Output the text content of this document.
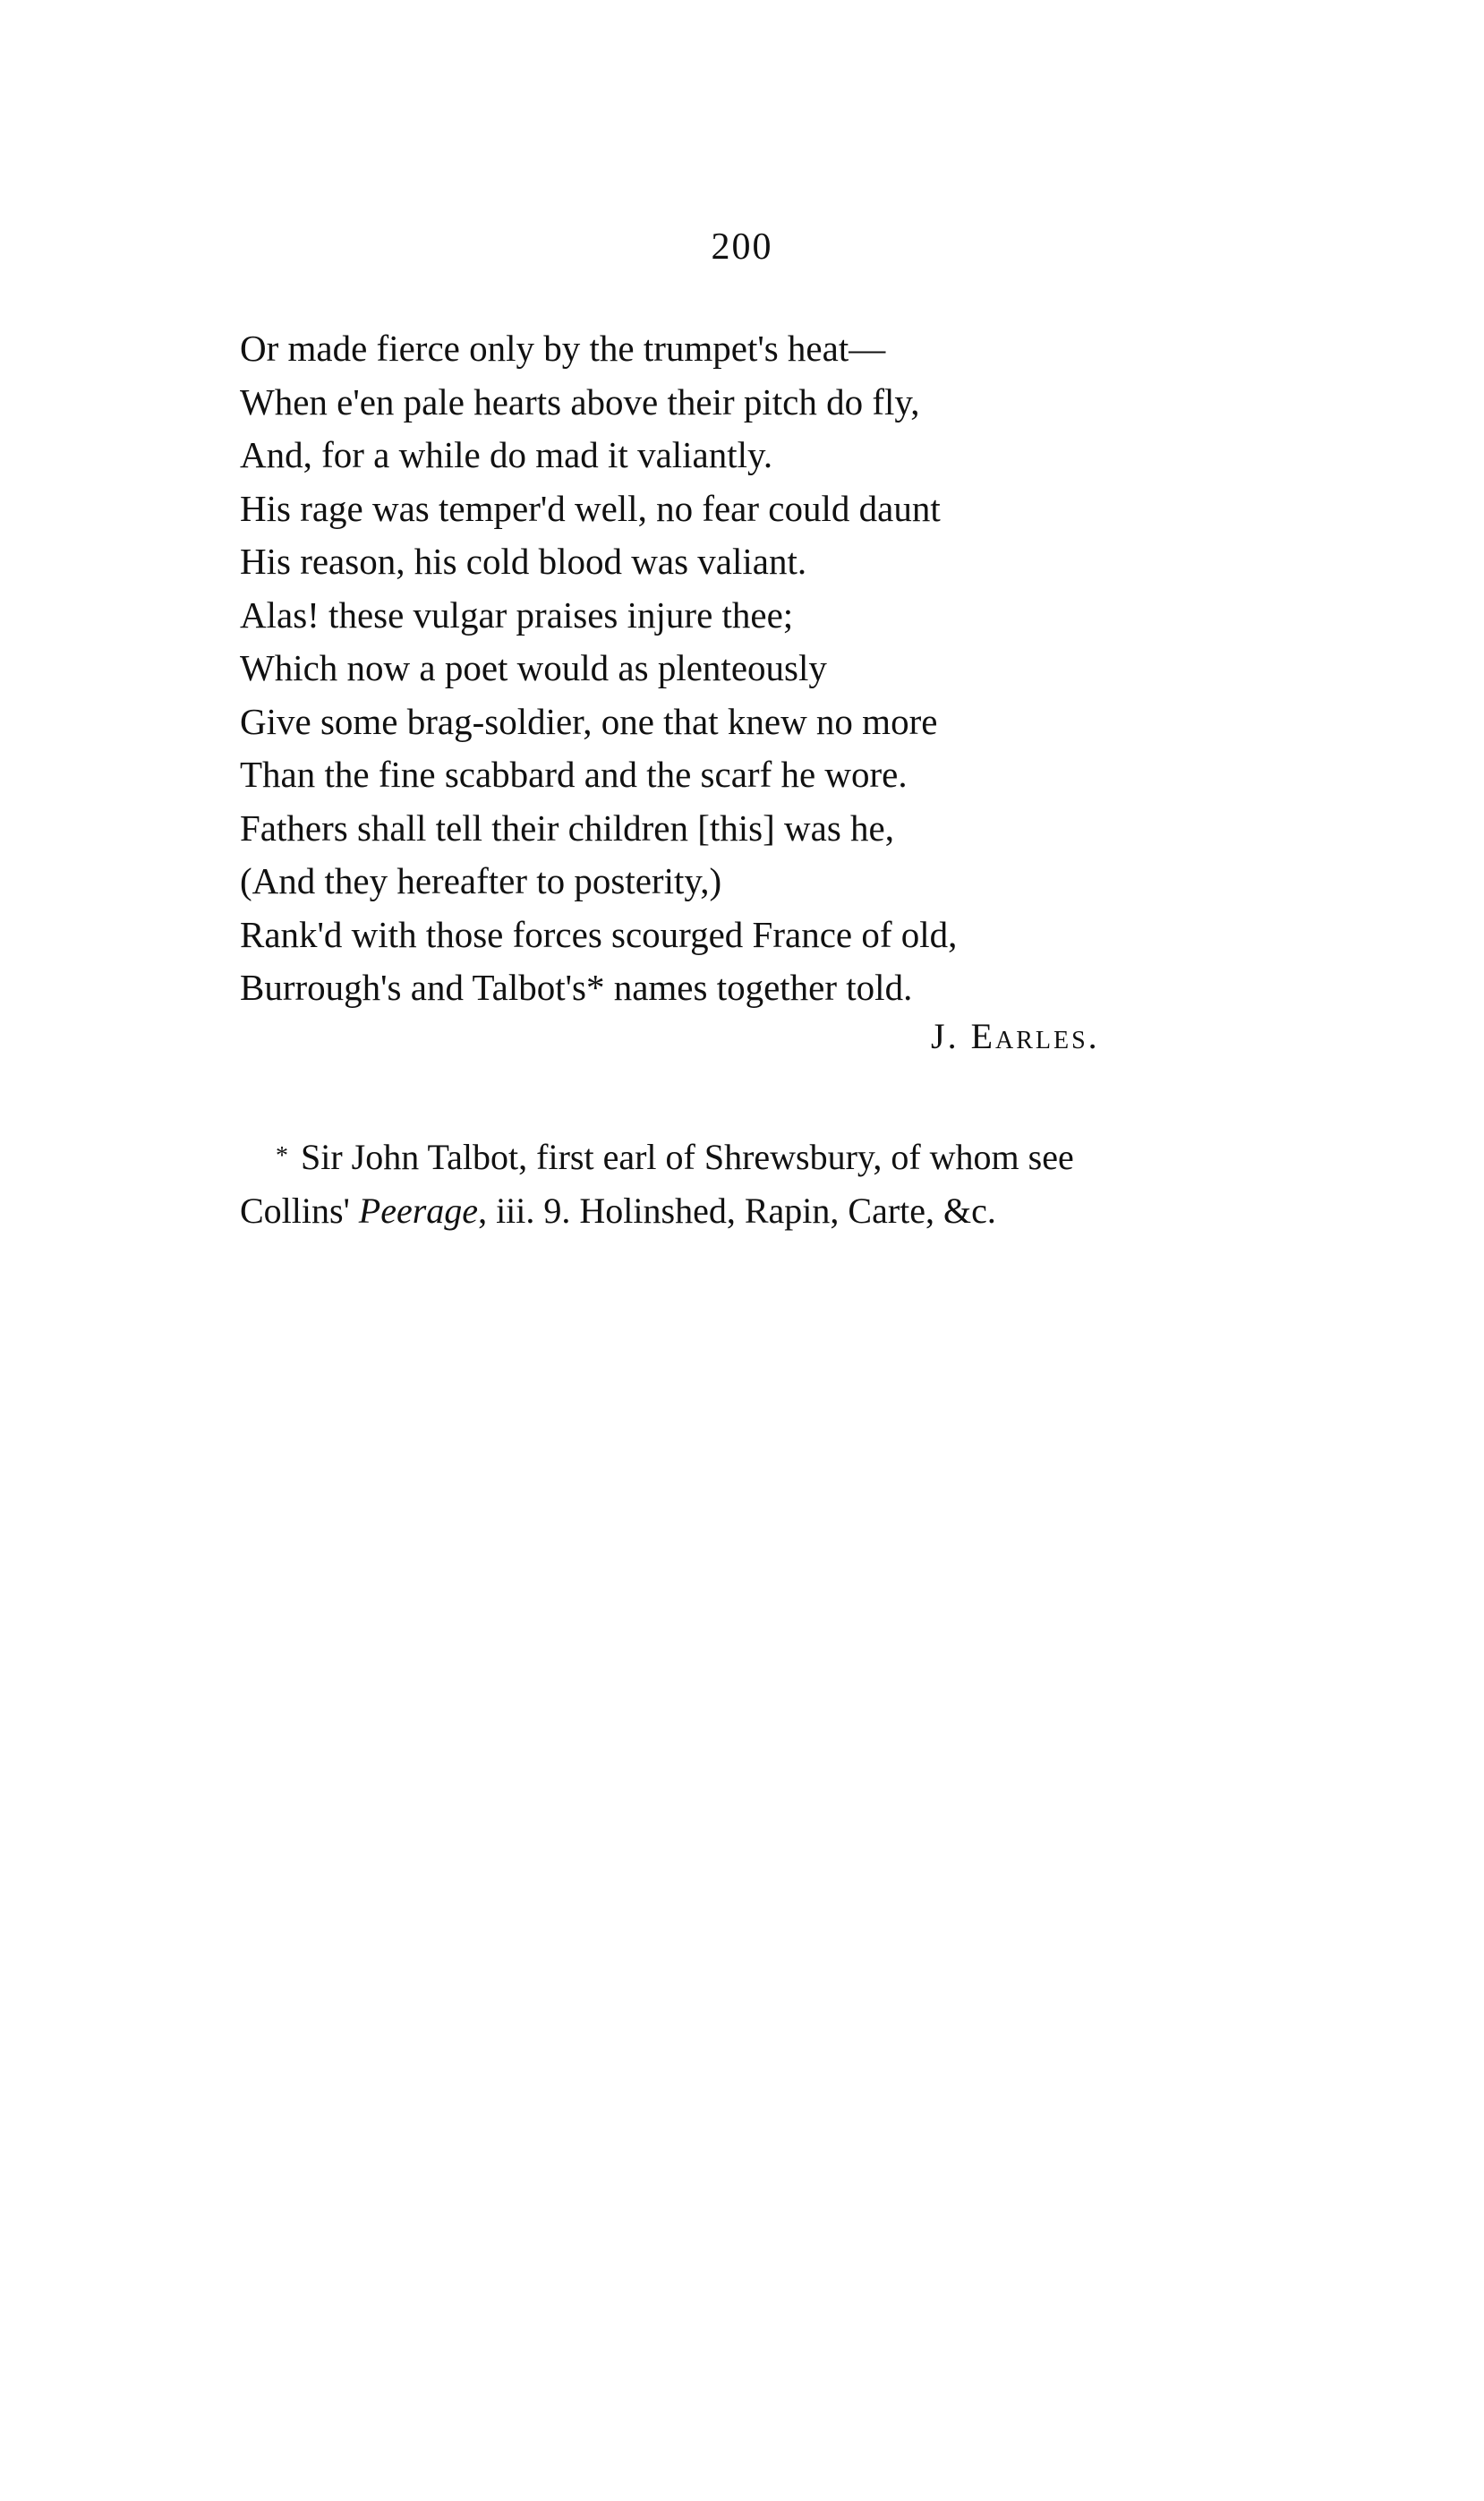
200
Or made fierce only by the trumpet's heat—
When e'en pale hearts above their pitch do fly,
And, for a while do mad it valiantly.
His rage was temper'd well, no fear could daunt
His reason, his cold blood was valiant.
Alas! these vulgar praises injure thee;
Which now a poet would as plenteously
Give some brag-soldier, one that knew no more
Than the fine scabbard and the scarf he wore.
Fathers shall tell their children [this] was he,
(And they hereafter to posterity,)
Rank'd with those forces scourged France of old,
Burrough's and Talbot's* names together told.
J. Earles.
* Sir John Talbot, first earl of Shrewsbury, of whom see
Collins' Peerage, iii. 9. Holinshed, Rapin, Carte, &c.
